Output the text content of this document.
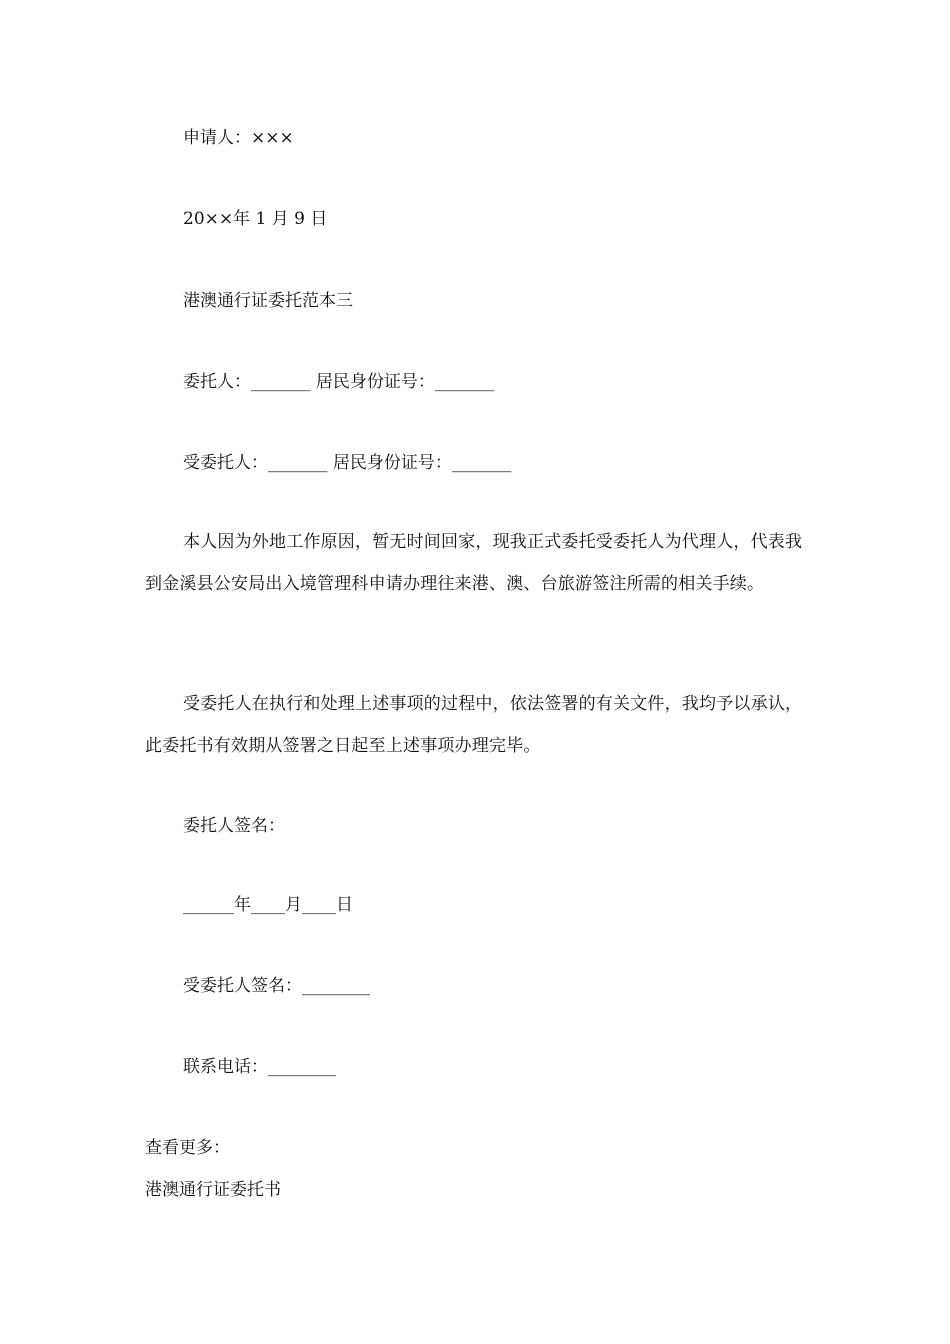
申请人：×××
20××年 1 月 9 日
港澳通行证委托范本三
委托人：_______ 居民身份证号：_______
受委托人：_______ 居民身份证号：_______
本人因为外地工作原因，暂无时间回家，现我正式委托受委托人为代理人，代表我到金溪县公安局出入境管理科申请办理往来港、澳、台旅游签注所需的相关手续。
受委托人在执行和处理上述事项的过程中，依法签署的有关文件，我均予以承认，此委托书有效期从签署之日起至上述事项办理完毕。
委托人签名：
______年____月____日
受委托人签名：________
联系电话：________
查看更多：
港澳通行证委托书
